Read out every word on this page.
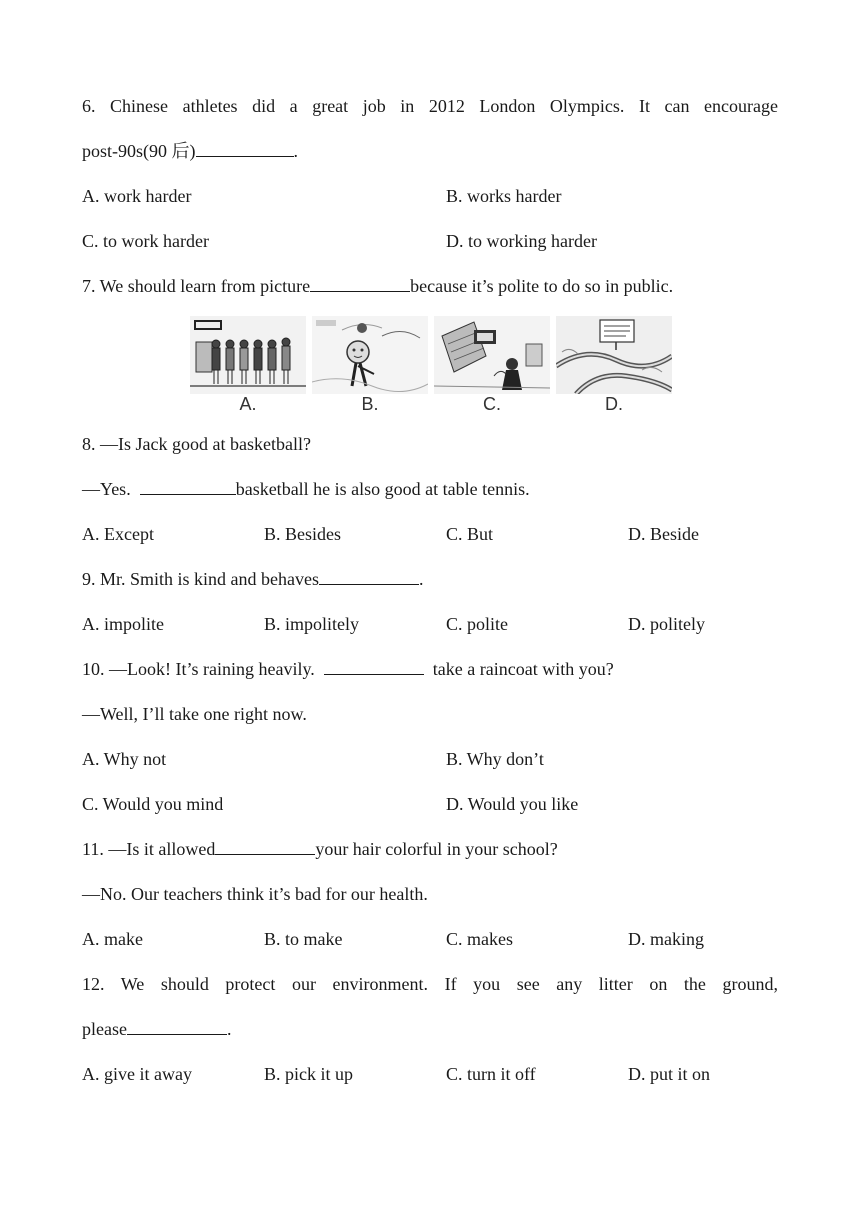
6. Chinese athletes did a great job in 2012 London Olympics. It can encourage
post-90s(90 后)	.
A. work harder	B. works harder
C. to work harder	D. to working harder
7. We should learn from picture	because it’s polite to do so in public.
A.	B.	C.	D.
8. —Is Jack good at basketball?
—Yes.	basketball he is also good at table tennis.
A. Except	B. Besides	C. But	D. Beside
9. Mr. Smith is kind and behaves	.
A. impolite	B. impolitely	C. polite	D. politely
10. —Look! It’s raining heavily.	take a raincoat with you?
—Well, I’ll take one right now.
A. Why not	B. Why don’t
C. Would you mind	D. Would you like
11. —Is it allowed	your hair colorful in your school?
—No. Our teachers think it’s bad for our health.
A. make	B. to make	C. makes	D. making
12. We should protect our environment. If you see any litter on the ground,
please	.
A. give it away	B. pick it up	C. turn it off	D. put it on
